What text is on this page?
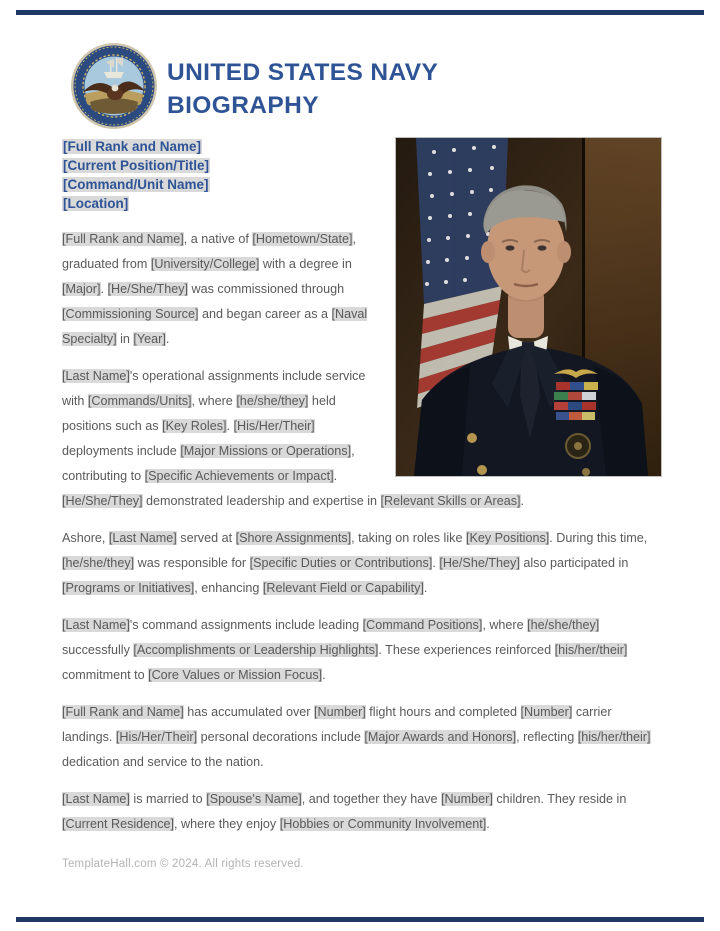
UNITED STATES NAVY
BIOGRAPHY
[Full Rank and Name]
[Current Position/Title]
[Command/Unit Name]
[Location]

[Full Rank and Name], a native of [Hometown/State], graduated from [University/College] with a degree in [Major]. [He/She/They] was commissioned through [Commissioning Source] and began career as a [Naval Specialty] in [Year].

[Last Name]'s operational assignments include service with [Commands/Units], where [he/she/they] held positions such as [Key Roles]. [His/Her/Their] deployments include [Major Missions or Operations], contributing to [Specific Achievements or Impact]. [He/She/They] demonstrated leadership and expertise in [Relevant Skills or Areas].

Ashore, [Last Name] served at [Shore Assignments], taking on roles like [Key Positions]. During this time, [he/she/they] was responsible for [Specific Duties or Contributions]. [He/She/They] also participated in [Programs or Initiatives], enhancing [Relevant Field or Capability].

[Last Name]'s command assignments include leading [Command Positions], where [he/she/they] successfully [Accomplishments or Leadership Highlights]. These experiences reinforced [his/her/their] commitment to [Core Values or Mission Focus].

[Full Rank and Name] has accumulated over [Number] flight hours and completed [Number] carrier landings. [His/Her/Their] personal decorations include [Major Awards and Honors], reflecting [his/her/their] dedication and service to the nation.

[Last Name] is married to [Spouse's Name], and together they have [Number] children. They reside in [Current Residence], where they enjoy [Hobbies or Community Involvement].

TemplateHall.com © 2024. All rights reserved.
